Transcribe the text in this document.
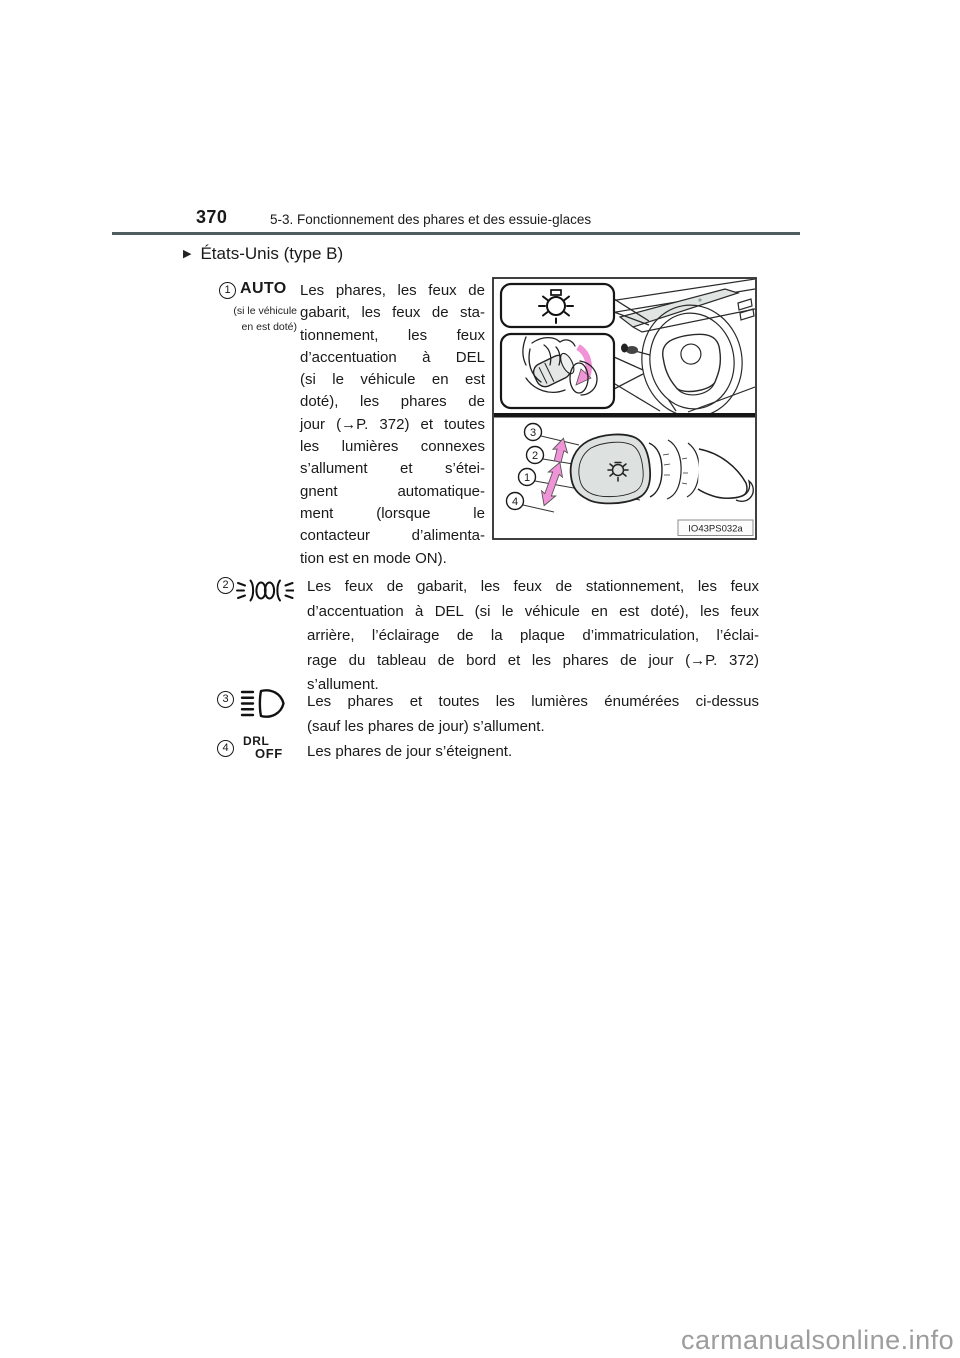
370	5-3. Fonctionnement des phares et des essuie-glaces
▶ États-Unis (type B)
1 AUTO
(si le véhicule
en est doté)
Les phares, les feux de
gabarit, les feux de sta-
tionnement, les feux
d’accentuation à DEL
(si le véhicule en est
doté), les phares de
jour (→P. 372) et toutes
les lumières connexes
s’allument et s’étei-
gnent automatique-
ment (lorsque le
contacteur d’alimenta-
tion est en mode ON).
3
2
1
4
IO43PS032a
2	Les feux de gabarit, les feux de stationnement, les feux
d’accentuation à DEL (si le véhicule en est doté), les feux
arrière, l’éclairage de la plaque d’immatriculation, l’éclai-
rage du tableau de bord et les phares de jour (→P. 372)
s’allument.
3	Les phares et toutes les lumières énumérées ci-dessus
(sauf les phares de jour) s’allument.
4	DRL
OFF Les phares de jour s’éteignent.
carmanualsonline.info
